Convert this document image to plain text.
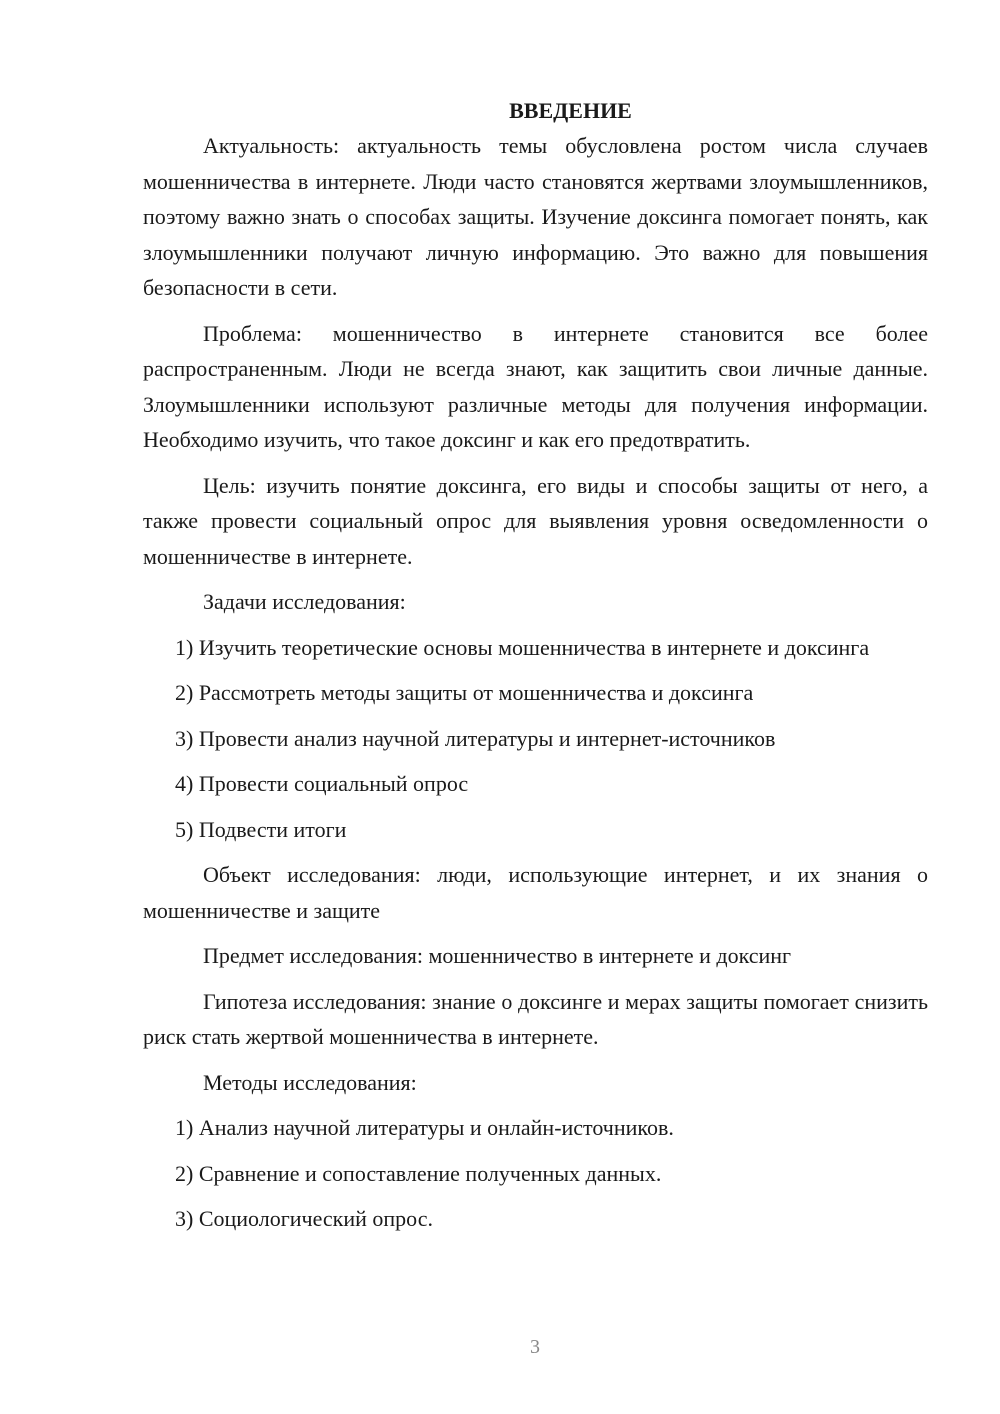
ВВЕДЕНИЕ

Актуальность: актуальность темы обусловлена ростом числа случаев мошенничества в интернете. Люди часто становятся жертвами злоумышленников, поэтому важно знать о способах защиты. Изучение доксинга помогает понять, как злоумышленники получают личную информацию. Это важно для повышения безопасности в сети.

Проблема: мошенничество в интернете становится все более распространенным. Люди не всегда знают, как защитить свои личные данные. Злоумышленники используют различные методы для получения информации. Необходимо изучить, что такое доксинг и как его предотвратить.

Цель: изучить понятие доксинга, его виды и способы защиты от него, а также провести социальный опрос для выявления уровня осведомленности о мошенничестве в интернете.

Задачи исследования:

1) Изучить теоретические основы мошенничества в интернете и доксинга

2) Рассмотреть методы защиты от мошенничества и доксинга

3) Провести анализ научной литературы и интернет-источников

4) Провести социальный опрос

5) Подвести итоги

Объект исследования: люди, использующие интернет, и их знания о мошенничестве и защите

Предмет исследования: мошенничество в интернете и доксинг

Гипотеза исследования: знание о доксинге и мерах защиты помогает снизить риск стать жертвой мошенничества в интернете.

Методы исследования:

1) Анализ научной литературы и онлайн-источников.

2) Сравнение и сопоставление полученных данных.

3) Социологический опрос.

3
